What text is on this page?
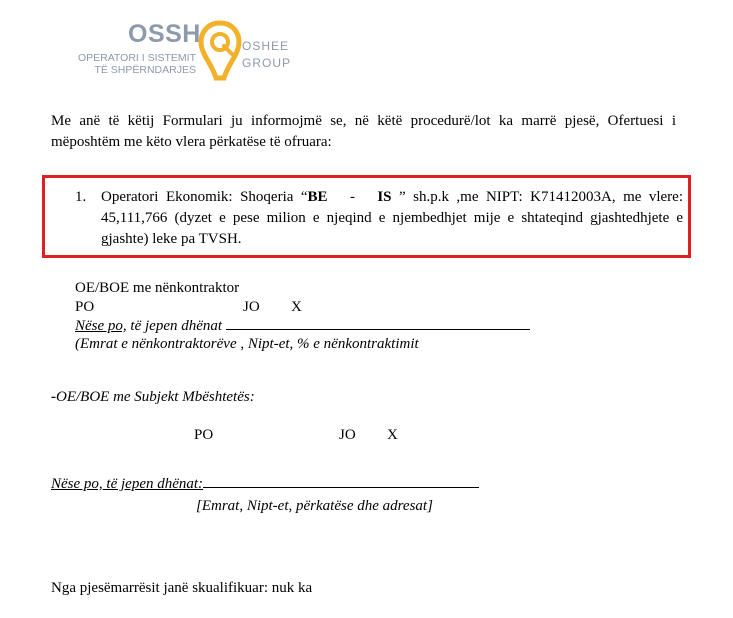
OSSH
OPERATORI I SISTEMIT
TË SHPËRNDARJES
OSHEE
GROUP
Me anë të këtij Formulari ju informojmë se, në këtë procedurë/lot ka marrë pjesë, Ofertuesi i mëposhtëm me këto vlera përkatëse të ofruara:
1. Operatori Ekonomik: Shoqeria “BE - IS ” sh.p.k ,me NIPT: K71412003A, me vlere: 45,111,766 (dyzet e pese milion e njeqind e njembedhjet mije e shtateqind gjashtedhjete e gjashte) leke pa TVSH.
OE/BOE me nënkontraktor
PO	JO X
Nëse po, të jepen dhënat
(Emrat e nënkontraktorëve , Nipt-et, % e nënkontraktimit
-OE/BOE me Subjekt Mbështetës:
PO	JO X
Nëse po, të jepen dhënat:
[Emrat, Nipt-et, përkatëse dhe adresat]
Nga pjesëmarrësit janë skualifikuar: nuk ka
